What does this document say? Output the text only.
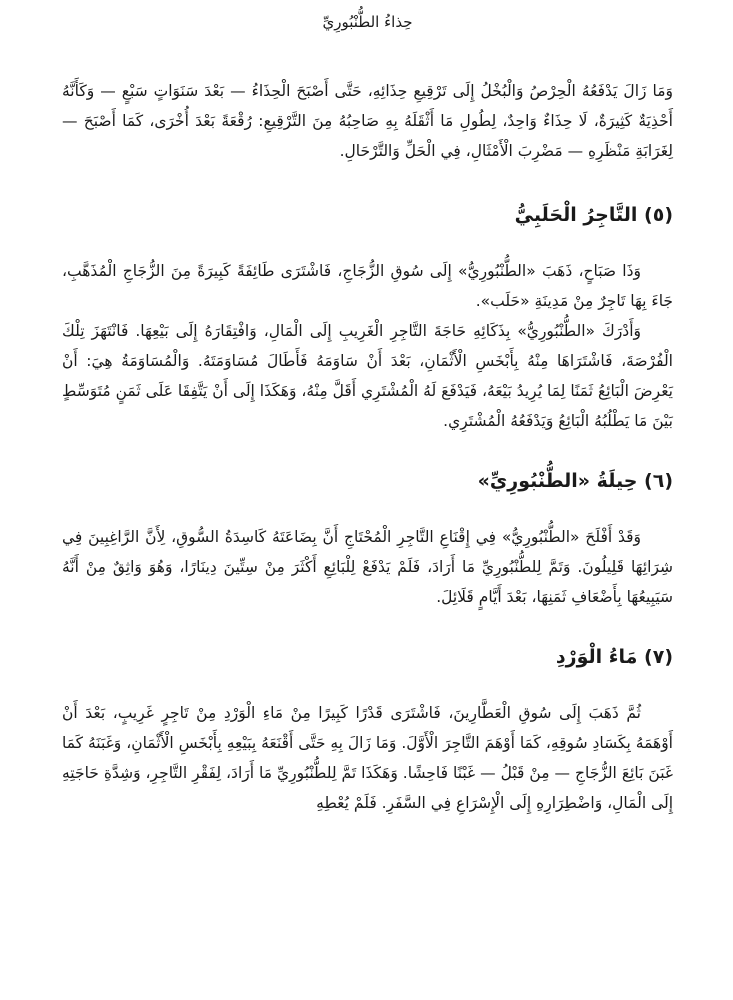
حِذاءُ الطُّنْبُورِيِّ

وَمَا زَالَ يَدْفَعُهُ الْحِرْصُ وَالْبُخْلُ إِلَى تَرْقِيعِ حِذَائِهِ، حَتَّى أَصْبَحَ الْحِذَاءُ — بَعْدَ سَنَوَاتٍ سَبْعٍ — وَكَأَنَّهُ أَحْذِيَةٌ كَثِيرَةٌ، لَا حِذَاءٌ وَاحِدٌ، لِطُولِ مَا أَثْقَلَهُ بِهِ صَاحِبُهُ مِنَ التَّرْقِيعِ: رُقْعَةً بَعْدَ أُخْرَى، كَمَا أَصْبَحَ — لِغَرَابَةِ مَنْظَرِهِ — مَضْرِبَ الْأَمْثَالِ، فِي الْحَلِّ وَالتَّرْحَالِ.

(٥) التَّاجِرُ الْحَلَبِيُّ

وَذَا صَبَاحٍ، ذَهَبَ «الطُّنْبُورِيُّ» إِلَى سُوقِ الزُّجَاجِ، فَاشْتَرَى طَائِفَةً كَبِيرَةً مِنَ الزُّجَاجِ الْمُذَهَّبِ، جَاءَ بِهَا تَاجِرٌ مِنْ مَدِينَةِ «حَلَب».

وَأَدْرَكَ «الطُّنْبُورِيُّ» بِذَكَائِهِ حَاجَةَ التَّاجِرِ الْغَرِيبِ إِلَى الْمَالِ، وَافْتِقَارَهُ إِلَى بَيْعِهَا. فَانْتَهَزَ تِلْكَ الْفُرْصَةَ، فَاشْتَرَاهَا مِنْهُ بِأَبْخَسِ الْأَثْمَانِ، بَعْدَ أَنْ سَاوَمَهُ فَأَطَالَ مُسَاوَمَتَهُ. وَالْمُسَاوَمَةُ هِيَ: أَنْ يَعْرِضَ الْبَائِعُ ثَمَنًا لِمَا يُرِيدُ بَيْعَهُ، فَيَدْفَعَ لَهُ الْمُشْتَرِي أَقَلَّ مِنْهُ، وَهَكَذَا إِلَى أَنْ يَتَّفِقَا عَلَى ثَمَنٍ مُتَوَسِّطٍ بَيْنَ مَا يَطْلُبُهُ الْبَائِعُ وَيَدْفَعُهُ الْمُشْتَرِي.

(٦) حِيلَةُ «الطُّنْبُورِيِّ»

وَقَدْ أَفْلَحَ «الطُّنْبُورِيُّ» فِي إِقْنَاعِ التَّاجِرِ الْمُحْتَاجِ أَنَّ بِضَاعَتَهُ كَاسِدَةُ السُّوقِ، لِأَنَّ الرَّاغِبِينَ فِي شِرَائِهَا قَلِيلُونَ. وَتَمَّ لِلطُّنْبُورِيِّ مَا أَرَادَ، فَلَمْ يَدْفَعْ لِلْبَائِعِ أَكْثَرَ مِنْ سِتِّينَ دِينَارًا، وَهُوَ وَاثِقٌ مِنْ أَنَّهُ سَيَبِيعُهَا بِأَضْعَافِ ثَمَنِهَا، بَعْدَ أَيَّامٍ قَلَائِلَ.

(٧) مَاءُ الْوَرْدِ

ثُمَّ ذَهَبَ إِلَى سُوقِ الْعَطَّارِينَ، فَاشْتَرَى قَدْرًا كَبِيرًا مِنْ مَاءِ الْوَرْدِ مِنْ تَاجِرٍ غَرِيبٍ، بَعْدَ أَنْ أَوْهَمَهُ بِكَسَادِ سُوقِهِ، كَمَا أَوْهَمَ التَّاجِرَ الْأَوَّلَ. وَمَا زَالَ بِهِ حَتَّى أَقْنَعَهُ بِبَيْعِهِ بِأَبْخَسِ الْأَثْمَانِ، وَغَبَنَهُ كَمَا غَبَنَ بَائِعَ الزُّجَاجِ — مِنْ قَبْلُ — غَبْنًا فَاحِشًا. وَهَكَذَا تَمَّ لِلطُّنْبُورِيِّ مَا أَرَادَ، لِفَقْرِ التَّاجِرِ، وَشِدَّةِ حَاجَتِهِ إِلَى الْمَالِ، وَاضْطِرَارِهِ إِلَى الْإِسْرَاعِ فِي السَّفَرِ. فَلَمْ يُعْطِهِ
